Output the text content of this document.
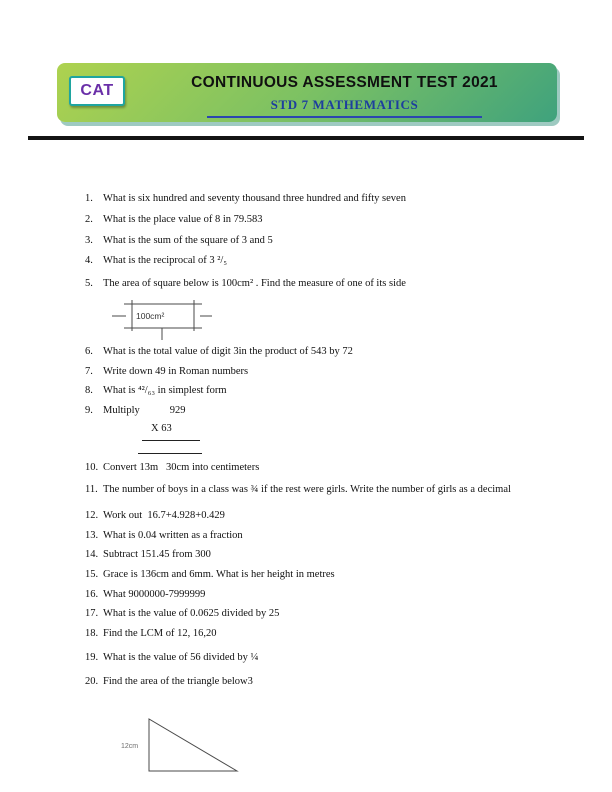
CAT	CONTINUOUS ASSESSMENT TEST 2021
STD 7 MATHEMATICS
1. What is six hundred and seventy thousand three hundred and fifty seven
2. What is the place value of 8 in 79.583
3. What is the sum of the square of 3 and 5
4. What is the reciprocal of 3 ²/₅
5. The area of square below is 100cm² . Find the measure of one of its side
100cm²
6. What is the total value of digit 3in the product of 543 by 72
7. Write down 49 in Roman numbers
8. What is ⁴²/₆₃ in simplest form
9. Multiply	929
X 63
10. Convert 13m   30cm into centimeters
11. The number of boys in a class was ¾ if the rest were girls. Write the number of girls as a decimal
12. Work out  16.7+4.928+0.429
13. What is 0.04 written as a fraction
14. Subtract 151.45 from 300
15. Grace is 136cm and 6mm. What is her height in metres
16. What 9000000-7999999
17. What is the value of 0.0625 divided by 25
18. Find the LCM of 12, 16,20
19. What is the value of 56 divided by ¼
20. Find the area of the triangle below3
12cm
